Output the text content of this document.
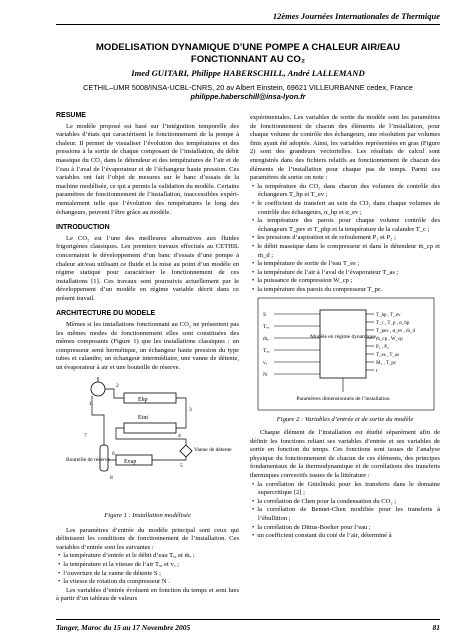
12èmes Journées Internationales de Thermique
MODELISATION DYNAMIQUE D’UNE POMPE A CHALEUR AIR/EAU
FONCTIONNANT AU CO₂
Imed GUITARI, Philippe HABERSCHILL, André LALLEMAND
CETHIL–UMR 5008/INSA-UCBL-CNRS, 20 av Albert Einstein, 69621 VILLEURBANNE cedex, France
philippe.haberschill@insa-lyon.fr
RESUME

Le modèle proposé est basé sur l’intégration temporelle des variables d’états qui caractérisent le fonctionnement de la pompe à chaleur. Il permet de visualiser l’évolution des températures et des pressions à la sortie de chaque composant de l’installation, du débit massique du CO₂ dans le détendeur et des températures de l’air et de l’eau à l’aval de l’évaporateur et de l’échangeur haute pression. Ces variables ont fait l’objet de mesures sur le banc d’essais de la machine modélisée, ce qui a permis la validation du modèle. Certains paramètres de fonctionnement de l’installation, inaccessibles expéri-mentalement telle que l’évolution des températures le long des échangeurs, peuvent l’être grâce au modèle.

INTRODUCTION

Le CO₂ est l’une des meilleures alternatives aux fluides frigorigènes classiques. Les premiers travaux effectués au CETHIL concernaient le développement d’un banc d’essais d’une pompe à chaleur air/eau utilisant ce fluide et la mise au point d’un modèle en régime statique pour caractériser le fonctionnement de ces installations [1]. Ces travaux sont poursuivis actuellement par le développement d’un modèle en régime variable décrit dans ce présent travail.

ARCHITECTURE DU MODELE

Mêmes si les installations fonctionnant au CO₂ ne présentent pas les mêmes modes de fonctionnement elles sont constituées des mêmes composants (Figure 1) que les installations classiques : un compresseur semi hermétique, un échangeur haute pression du type tubes et calandre, un échangeur intermédiaire, une vanne de détente, un évaporateur à air et une bouteille de réserve.

Ehp
Eint
Evap
Bouteille de réserve
Vanne de détente
1
2
3
4
5
6
7
8
Figure 1 : Installation modélisée

Les paramètres d’entrée du modèle principal sont ceux qui définissent les conditions de fonctionnement de l’installation. Ces variables d’entrée sont les suivantes :

• la température d’entrée et le débit d’eau Tₑₑ et ṁₑ ;
• la température et la vitesse de l’air Tₐₑ et vₐ ;
• l’ouverture de la vanne de détente S ;
• la vitesse de rotation du compresseur N .

Les variables d’entrée évoluent en fonction du temps et sont lues à partir d’un tableau de valeurs

expérimentales. Les variables de sortie du modèle sont les paramètres de fonctionnement de chacun des éléments de l’installation, pour chaque volume de contrôle des échangeurs, une résolution par volumes finis ayant été adoptée. Ainsi, les variables représentées en gras (Figure 2) sont des grandeurs vectorielles. Les résultats de calcul sont enregistrés dans des fichiers relatifs au fonctionnement de chacun des éléments de l’installation pour chaque pas de temps. Parmi ces paramètres de sortie on note :

• la température du CO₂ dans chacun des volumes de contrôle des échangeurs T_hp et T_ev ;
• le coefficient de transfert au sein du CO₂ dans chaque volumes de contrôle des échangeurs, α_hp et α_ev ;
• la température des parois pour chaque volume contrôle des échangeurs T_pev et T_php et la température de la calandre T_c ;
• les pressions d’aspiration et de refoulement P₁ et P₂ ;
• le débit massique dans le compresseur et dans le détendeur ṁ_cp et ṁ_d ;
• la température de sortie de l’eau T_es ;
• la température de l’air à l’aval de l’évaporateur T_as ;
• la puissance de compression Ẇ_cp ;
• la température des parois du compresseur T_pc.
Modèle en régime dynamique
S
Tₑₑ
ṁₑ
Tₐₑ
vₐ
N
T_hp , T_ev
T_c , T_p , α_hp
T_pev , α_ev , ṁ_d
ṁ_cp , Ẇ_cp
P₁ , P₂
T_es , T_as
Ṁ₁ , T_pc
t
Paramètres dimensionnels de l’installation
Figure 2 : Variables d’entrée et de sortie du modèle

Chaque élément de l’installation est étudié séparément afin de définir les fonctions reliant ses variables d’entrée et ses variables de sortie en fonction du temps. Ces fonctions sont issues de l’analyse physique du fonctionnement de chacun de ces éléments, des principes fondamentaux de la thermodynamique et de corrélations des transferts thermiques convectifs issues de la littérature :

• la corrélation de Gnielinski pour les transferts dans le domaine supercritique [2] ;
• la corrélation de Chen pour la condensation du CO₂ ;
• la corrélation de Bennet-Chen modifiée pour les transferts à l’ébullition ;
• la corrélation de Dittus-Boelter pour l’eau ;
• un coefficient constant du coté de l’air, déterminé à
Tanger, Maroc du 15 au 17 Novembre 2005	81
